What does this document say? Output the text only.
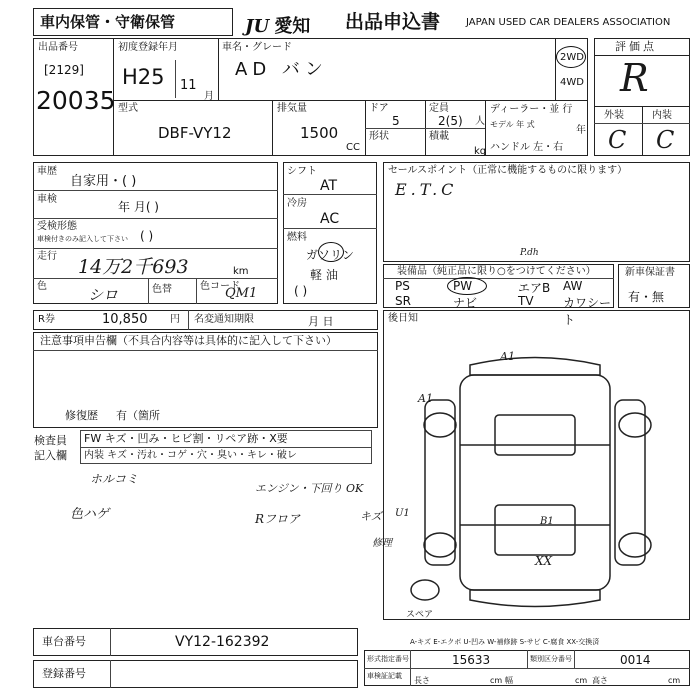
車内保管・守衛保管	JU 愛知 出品申込書	JAPAN USED CAR DEALERS ASSOCIATION
出品番号
[2129]
20035
初度登録年月
H25 11
月
車名・グレード
AD バン
2WD
4WD
型式
DBF-VY12
排気量
1500
CC
ドア
5
形状
定員
2(5) 人
積載
kg
ディーラー・並 行
モデル 年 式
年
ハンドル 左・右
評価点
R
外装	内装
C C
車歴
自家用・( )
車検
年 月( )
受検形態
車検付きのみ記入して下さい ( )
走行 14万2千693	km
色	シロ	色替	色コード
QM1
シフト
AT
冷房
AC
燃料
ガソリン
軽 油
( )
セールスポイント（正常に機能するものに限ります）
E.T.C
P.dh
装備品（純正品に限り○をつけてください）
PS	PW	エアB AW
SR	ナビ	TV カワシート
新車保証書
有・無
R券	10,850 円 名変通知期限	月 日	後日知
注意事項申告欄（不具合内容等は具体的に記入して下さい）
修復歴 有（箇所
検査員
記入欄
FW キズ・凹み・ヒビ割・リペア跡・X要
内装 キズ・汚れ・コゲ・穴・臭い・キレ・破レ
ホルコミ
色ハゲ
エンジン・下回り OK
Rフロア	キズ
修理
A1
A1
U1
XX
B1
スペア
A-キズ E-エクボ U-凹み W-補修跡 S-サビ C-腐食 XX-交換済
車台番号	VY12-162392
登録番号
形式指定番号	15633	類別区分番号	0014
車検証記載 長さ	cm 幅	cm 高さ	cm
